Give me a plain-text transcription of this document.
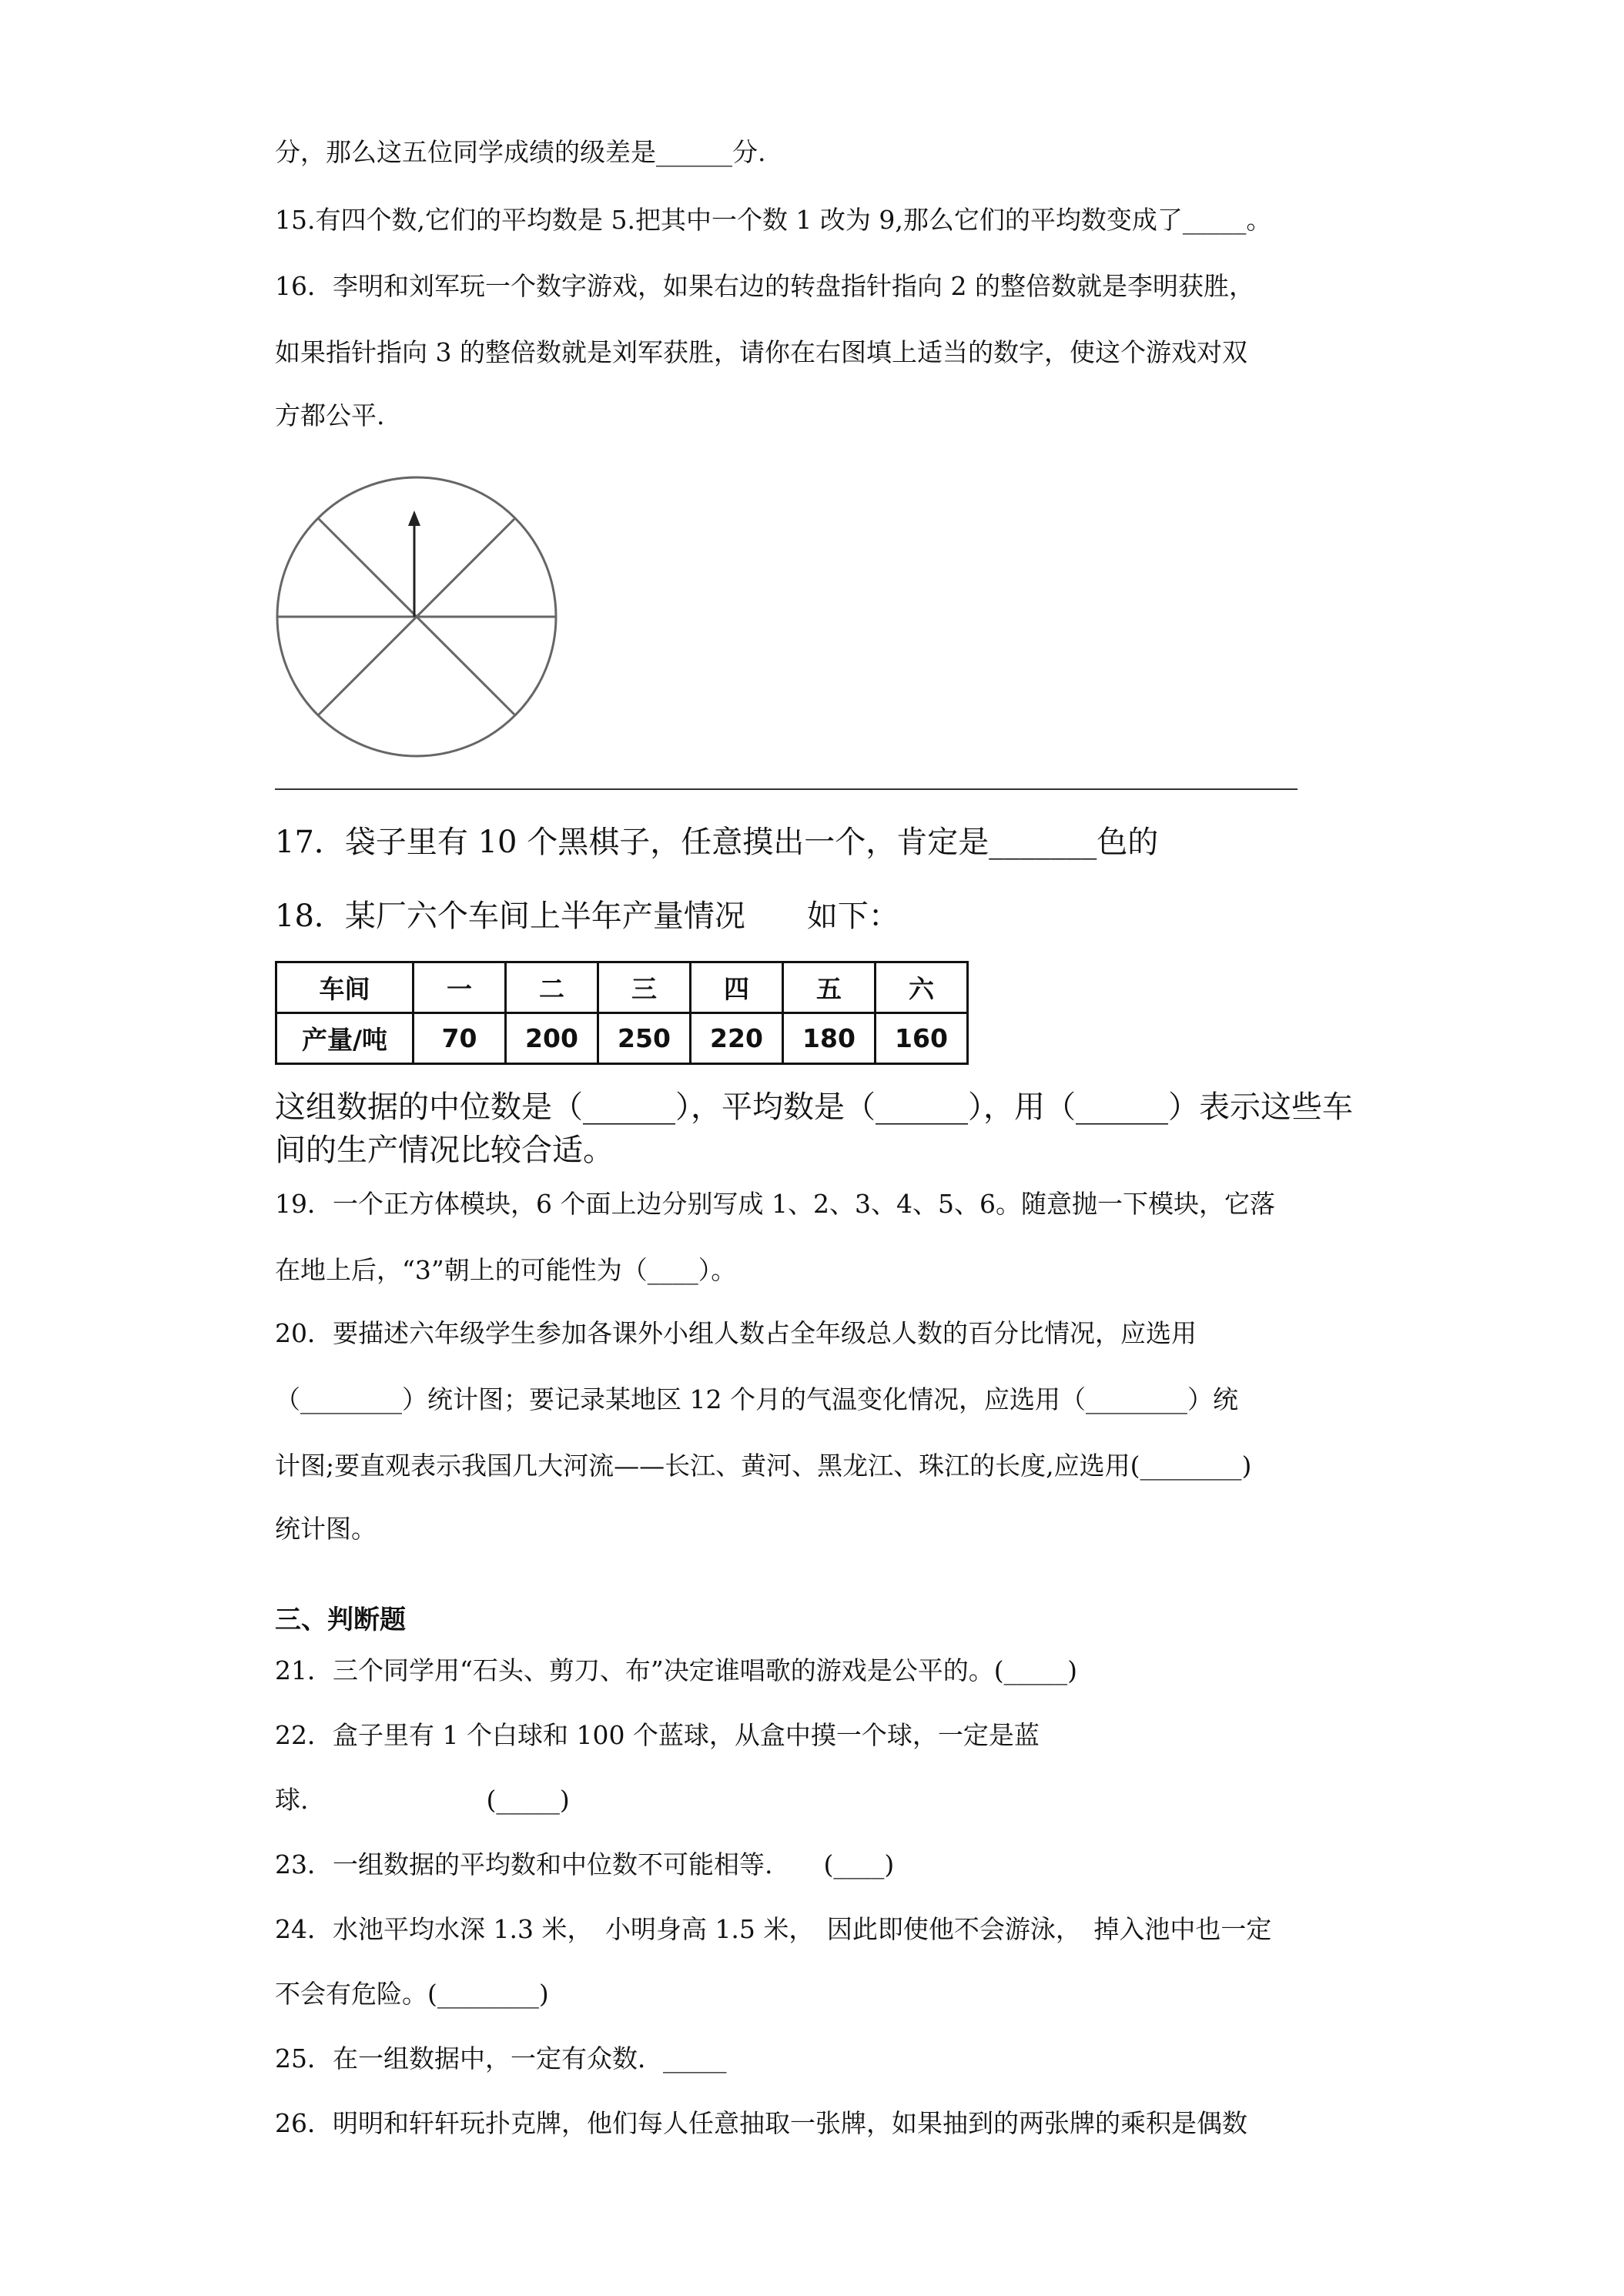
分，那么这五位同学成绩的级差是______分.
15.有四个数,它们的平均数是 5.把其中一个数 1 改为 9,那么它们的平均数变成了_____。
16．李明和刘军玩一个数字游戏，如果右边的转盘指针指向 2 的整倍数就是李明获胜，
如果指针指向 3 的整倍数就是刘军获胜，请你在右图填上适当的数字，使这个游戏对双
方都公平.
17．袋子里有 10 个黑棋子，任意摸出一个，肯定是_______色的
18．某厂六个车间上半年产量情况　　如下：
车间	一	二	三	四	五	六
产量/吨	70	200	250	220	180	160
这组数据的中位数是（______），平均数是（______），用（______）表示这些车
间的生产情况比较合适。
19．一个正方体模块，6 个面上边分别写成 1、2、3、4、5、6。随意抛一下模块，它落
在地上后，“3”朝上的可能性为（____）。
20．要描述六年级学生参加各课外小组人数占全年级总人数的百分比情况，应选用
（________）统计图；要记录某地区 12 个月的气温变化情况，应选用（________）统
计图;要直观表示我国几大河流——长江、黄河、黑龙江、珠江的长度,应选用(________)
统计图。
三、判断题
21．三个同学用“石头、剪刀、布”决定谁唱歌的游戏是公平的。(_____)
22．盒子里有 1 个白球和 100 个蓝球，从盒中摸一个球，一定是蓝
球.　　　　　　　(_____)
23．一组数据的平均数和中位数不可能相等.　　(____)
24．水池平均水深 1.3 米，　小明身高 1.5 米，　因此即使他不会游泳，　掉入池中也一定
不会有危险。(________)
25．在一组数据中，一定有众数．_____
26．明明和轩轩玩扑克牌，他们每人任意抽取一张牌，如果抽到的两张牌的乘积是偶数
